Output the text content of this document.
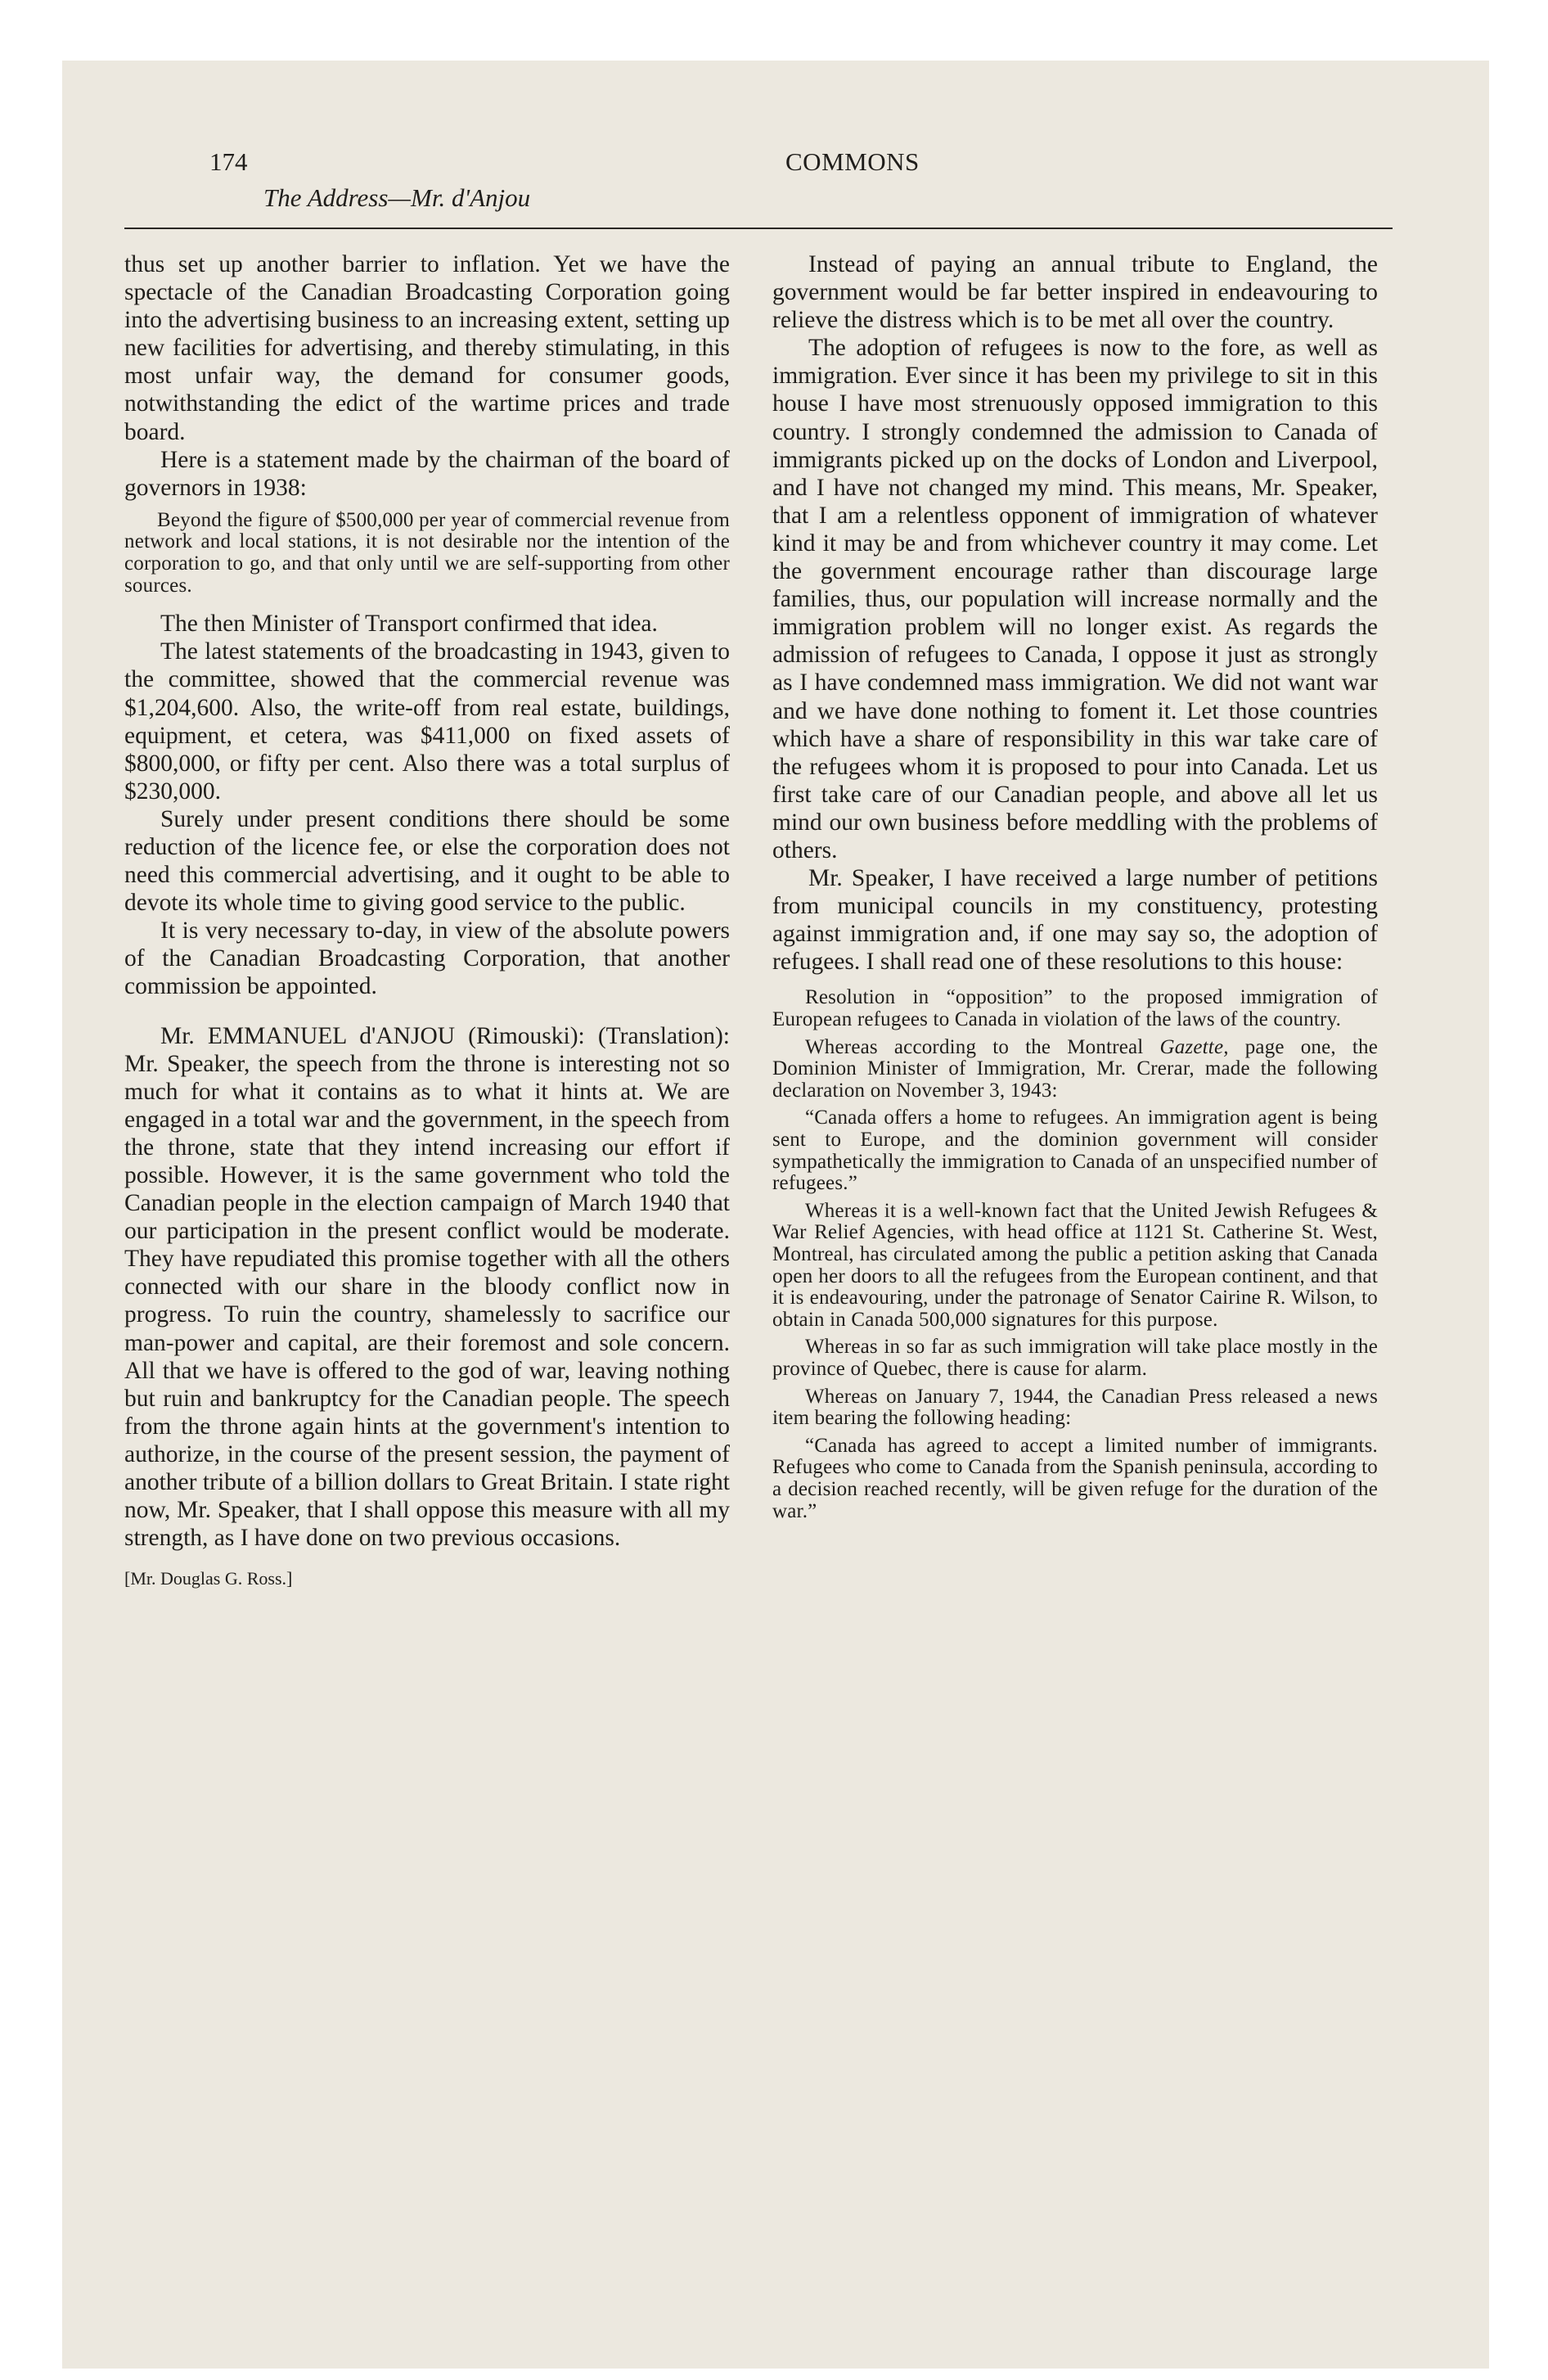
174	COMMONS
The Address—Mr. d'Anjou

thus set up another barrier to inflation. Yet we have the spectacle of the Canadian Broadcasting Corporation going into the advertising business to an increasing extent, setting up new facilities for advertising, and thereby stimulating, in this most unfair way, the demand for consumer goods, notwithstanding the edict of the wartime prices and trade board.

Here is a statement made by the chairman of the board of governors in 1938:

Beyond the figure of $500,000 per year of commercial revenue from network and local stations, it is not desirable nor the intention of the corporation to go, and that only until we are self-supporting from other sources.

The then Minister of Transport confirmed that idea.

The latest statements of the broadcasting in 1943, given to the committee, showed that the commercial revenue was $1,204,600. Also, the write-off from real estate, buildings, equipment, et cetera, was $411,000 on fixed assets of $800,000, or fifty per cent. Also there was a total surplus of $230,000.

Surely under present conditions there should be some reduction of the licence fee, or else the corporation does not need this commercial advertising, and it ought to be able to devote its whole time to giving good service to the public.

It is very necessary to-day, in view of the absolute powers of the Canadian Broadcasting Corporation, that another commission be appointed.

Mr. EMMANUEL d'ANJOU (Rimouski): (Translation): Mr. Speaker, the speech from the throne is interesting not so much for what it contains as to what it hints at. We are engaged in a total war and the government, in the speech from the throne, state that they intend increasing our effort if possible. However, it is the same government who told the Canadian people in the election campaign of March 1940 that our participation in the present conflict would be moderate. They have repudiated this promise together with all the others connected with our share in the bloody conflict now in progress. To ruin the country, shamelessly to sacrifice our man-power and capital, are their foremost and sole concern. All that we have is offered to the god of war, leaving nothing but ruin and bankruptcy for the Canadian people. The speech from the throne again hints at the government's intention to authorize, in the course of the present session, the payment of another tribute of a billion dollars to Great Britain. I state right now, Mr. Speaker, that I shall oppose this measure with all my strength, as I have done on two previous occasions.

[Mr. Douglas G. Ross.]

Instead of paying an annual tribute to England, the government would be far better inspired in endeavouring to relieve the distress which is to be met all over the country.

The adoption of refugees is now to the fore, as well as immigration. Ever since it has been my privilege to sit in this house I have most strenuously opposed immigration to this country. I strongly condemned the admission to Canada of immigrants picked up on the docks of London and Liverpool, and I have not changed my mind. This means, Mr. Speaker, that I am a relentless opponent of immigration of whatever kind it may be and from whichever country it may come. Let the government encourage rather than discourage large families, thus, our population will increase normally and the immigration problem will no longer exist. As regards the admission of refugees to Canada, I oppose it just as strongly as I have condemned mass immigration. We did not want war and we have done nothing to foment it. Let those countries which have a share of responsibility in this war take care of the refugees whom it is proposed to pour into Canada. Let us first take care of our Canadian people, and above all let us mind our own business before meddling with the problems of others.

Mr. Speaker, I have received a large number of petitions from municipal councils in my constituency, protesting against immigration and, if one may say so, the adoption of refugees. I shall read one of these resolutions to this house:

Resolution in “opposition” to the proposed immigration of European refugees to Canada in violation of the laws of the country.

Whereas according to the Montreal Gazette, page one, the Dominion Minister of Immigration, Mr. Crerar, made the following declaration on November 3, 1943:

“Canada offers a home to refugees. An immigration agent is being sent to Europe, and the dominion government will consider sympathetically the immigration to Canada of an unspecified number of refugees.”

Whereas it is a well-known fact that the United Jewish Refugees & War Relief Agencies, with head office at 1121 St. Catherine St. West, Montreal, has circulated among the public a petition asking that Canada open her doors to all the refugees from the European continent, and that it is endeavouring, under the patronage of Senator Cairine R. Wilson, to obtain in Canada 500,000 signatures for this purpose.

Whereas in so far as such immigration will take place mostly in the province of Quebec, there is cause for alarm.

Whereas on January 7, 1944, the Canadian Press released a news item bearing the following heading:

“Canada has agreed to accept a limited number of immigrants. Refugees who come to Canada from the Spanish peninsula, according to a decision reached recently, will be given refuge for the duration of the war.”
